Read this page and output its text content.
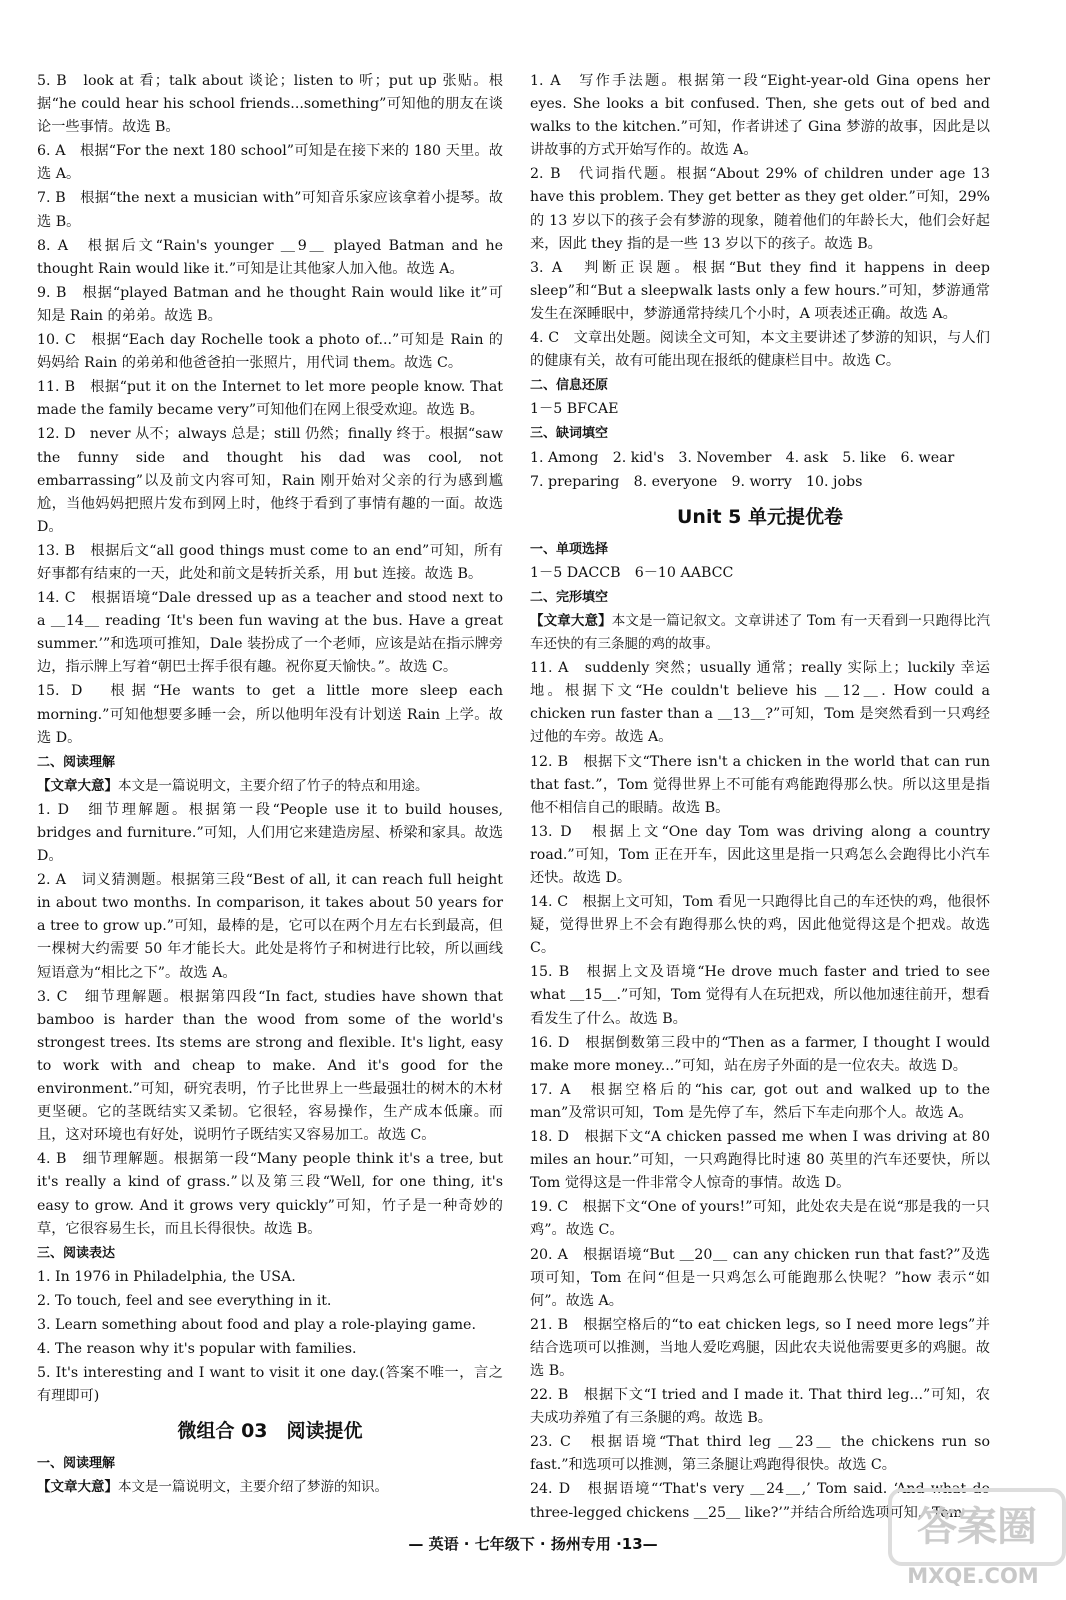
5. B　look at 看；talk about 谈论；listen to 听；put up 张贴。根据“he could hear his school friends...something”可知他的朋友在谈论一些事情。故选 B。
6. A　根据“For the next 180 school”可知是在接下来的 180 天里。故选 A。
7. B　根据“the next a musician with”可知音乐家应该拿着小提琴。故选 B。
8. A　根据后文“Rain's younger ＿9＿ played Batman and he thought Rain would like it.”可知是让其他家人加入他。故选 A。
9. B　根据“played Batman and he thought Rain would like it”可知是 Rain 的弟弟。故选 B。
10. C　根据“Each day Rochelle took a photo of...”可知是 Rain 的妈妈给 Rain 的弟弟和他爸爸拍一张照片，用代词 them。故选 C。
11. B　根据“put it on the Internet to let more people know. That made the family became very”可知他们在网上很受欢迎。故选 B。
12. D　never 从不；always 总是；still 仍然；finally 终于。根据“saw the funny side and thought his dad was cool, not embarrassing”以及前文内容可知，Rain 刚开始对父亲的行为感到尴尬，当他妈妈把照片发布到网上时，他终于看到了事情有趣的一面。故选 D。
13. B　根据后文“all good things must come to an end”可知，所有好事都有结束的一天，此处和前文是转折关系，用 but 连接。故选 B。
14. C　根据语境“Dale dressed up as a teacher and stood next to a ＿14＿ reading ‘It's been fun waving at the bus. Have a great summer.’”和选项可推知，Dale 装扮成了一个老师，应该是站在指示牌旁边，指示牌上写着“朝巴士挥手很有趣。祝你夏天愉快。”。故选 C。
15. D　根据“He wants to get a little more sleep each morning.”可知他想要多睡一会，所以他明年没有计划送 Rain 上学。故选 D。
二、阅读理解
【文章大意】本文是一篇说明文，主要介绍了竹子的特点和用途。
1. D　细节理解题。根据第一段“People use it to build houses, bridges and furniture.”可知，人们用它来建造房屋、桥梁和家具。故选 D。
2. A　词义猜测题。根据第三段“Best of all, it can reach full height in about two months. In comparison, it takes about 50 years for a tree to grow up.”可知，最棒的是，它可以在两个月左右长到最高，但一棵树大约需要 50 年才能长大。此处是将竹子和树进行比较，所以画线短语意为“相比之下”。故选 A。
3. C　细节理解题。根据第四段“In fact, studies have shown that bamboo is harder than the wood from some of the world's strongest trees. Its stems are strong and flexible. It's light, easy to work with and cheap to make. And it's good for the environment.”可知，研究表明，竹子比世界上一些最强壮的树木的木材更坚硬。它的茎既结实又柔韧。它很轻，容易操作，生产成本低廉。而且，这对环境也有好处，说明竹子既结实又容易加工。故选 C。
4. B　细节理解题。根据第一段“Many people think it's a tree, but it's really a kind of grass.”以及第三段“Well, for one thing, it's easy to grow. And it grows very quickly”可知，竹子是一种奇妙的草，它很容易生长，而且长得很快。故选 B。
三、阅读表达
1. In 1976 in Philadelphia, the USA.
2. To touch, feel and see everything in it.
3. Learn something about food and play a role-playing game.
4. The reason why it's popular with families.
5. It's interesting and I want to visit it one day.(答案不唯一，言之有理即可)
微组合 03　阅读提优
一、阅读理解
【文章大意】本文是一篇说明文，主要介绍了梦游的知识。
1. A　写作手法题。根据第一段“Eight-year-old Gina opens her eyes. She looks a bit confused. Then, she gets out of bed and walks to the kitchen.”可知，作者讲述了 Gina 梦游的故事，因此是以讲故事的方式开始写作的。故选 A。
2. B　代词指代题。根据“About 29% of children under age 13 have this problem. They get better as they get older.”可知，29% 的 13 岁以下的孩子会有梦游的现象，随着他们的年龄长大，他们会好起来，因此 they 指的是一些 13 岁以下的孩子。故选 B。
3. A　判断正误题。根据“But they find it happens in deep sleep”和“But a sleepwalk lasts only a few hours.”可知，梦游通常发生在深睡眠中，梦游通常持续几个小时，A 项表述正确。故选 A。
4. C　文章出处题。阅读全文可知，本文主要讲述了梦游的知识，与人们的健康有关，故有可能出现在报纸的健康栏目中。故选 C。
二、信息还原
1－5 BFCAE
三、缺词填空
1. Among　2. kid's　3. November　4. ask　5. like　6. wear
7. preparing　8. everyone　9. worry　10. jobs
Unit 5 单元提优卷
一、单项选择
1－5 DACCB　6－10 AABCC
二、完形填空
【文章大意】本文是一篇记叙文。文章讲述了 Tom 有一天看到一只跑得比汽车还快的有三条腿的鸡的故事。
11. A　suddenly 突然；usually 通常；really 实际上；luckily 幸运地。根据下文“He couldn't believe his ＿12＿. How could a chicken run faster than a ＿13＿?”可知，Tom 是突然看到一只鸡经过他的车旁。故选 A。
12. B　根据下文“There isn't a chicken in the world that can run that fast.”，Tom 觉得世界上不可能有鸡能跑得那么快。所以这里是指他不相信自己的眼睛。故选 B。
13. D　根据上文“One day Tom was driving along a country road.”可知，Tom 正在开车，因此这里是指一只鸡怎么会跑得比小汽车还快。故选 D。
14. C　根据上文可知，Tom 看见一只跑得比自己的车还快的鸡，他很怀疑，觉得世界上不会有跑得那么快的鸡，因此他觉得这是个把戏。故选 C。
15. B　根据上文及语境“He drove much faster and tried to see what ＿15＿.”可知，Tom 觉得有人在玩把戏，所以他加速往前开，想看看发生了什么。故选 B。
16. D　根据倒数第三段中的“Then as a farmer, I thought I would make more money...”可知，站在房子外面的是一位农夫。故选 D。
17. A　根据空格后的“his car, got out and walked up to the man”及常识可知，Tom 是先停了车，然后下车走向那个人。故选 A。
18. D　根据下文“A chicken passed me when I was driving at 80 miles an hour.”可知，一只鸡跑得比时速 80 英里的汽车还要快，所以 Tom 觉得这是一件非常令人惊奇的事情。故选 D。
19. C　根据下文“One of yours!”可知，此处农夫是在说“那是我的一只鸡”。故选 C。
20. A　根据语境“But ＿20＿ can any chicken run that fast?”及选项可知，Tom 在问“但是一只鸡怎么可能跑那么快呢？”how 表示“如何”。故选 A。
21. B　根据空格后的“to eat chicken legs, so I need more legs”并结合选项可以推测，当地人爱吃鸡腿，因此农夫说他需要更多的鸡腿。故选 B。
22. B　根据下文“I tried and I made it. That third leg...”可知，农夫成功养殖了有三条腿的鸡。故选 B。
23. C　根据语境“That third leg ＿23＿ the chickens run so fast.”和选项可以推测，第三条腿让鸡跑得很快。故选 C。
24. D　根据语境“‘That's very ＿24＿,’ Tom said. ‘And what do three-legged chickens ＿25＿ like?’”并结合所给选项可知，Tom
— 英语 · 七年级下 · 扬州专用 ·13—	答案圈
MXQE.COM
